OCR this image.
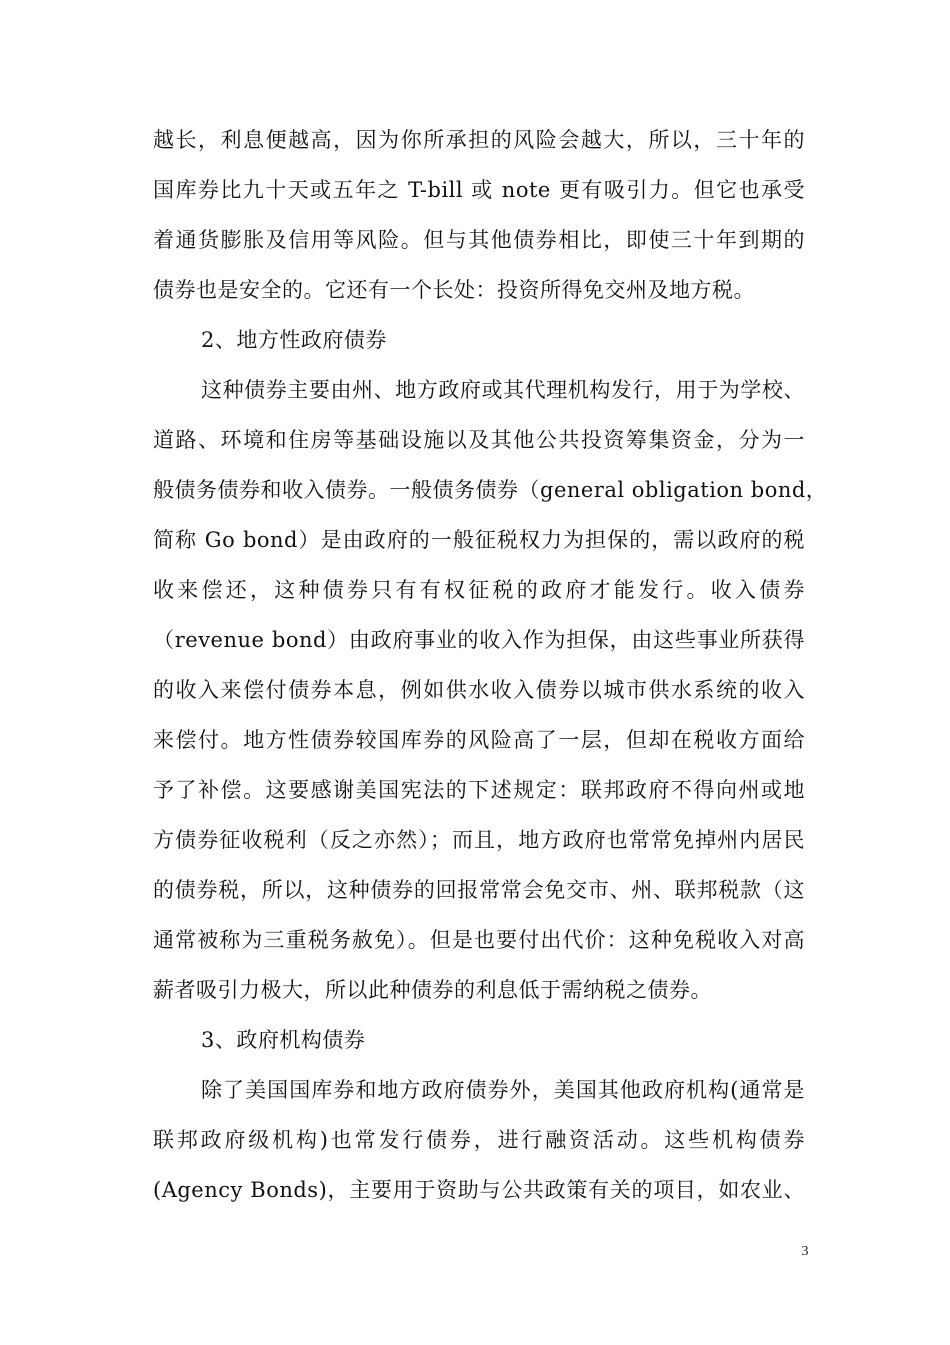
越长，利息便越高，因为你所承担的风险会越大，所以，三十年的
国库券比九十天或五年之 T-bill 或 note 更有吸引力。但它也承受
着通货膨胀及信用等风险。但与其他债券相比，即使三十年到期的
债券也是安全的。它还有一个长处：投资所得免交州及地方税。
2、地方性政府债券
这种债券主要由州、地方政府或其代理机构发行，用于为学校、
道路、环境和住房等基础设施以及其他公共投资筹集资金，分为一
般债务债券和收入债券。一般债务债券（general obligation bond，
简称 Go bond）是由政府的一般征税权力为担保的，需以政府的税
收来偿还，这种债券只有有权征税的政府才能发行。收入债券
（revenue bond）由政府事业的收入作为担保，由这些事业所获得
的收入来偿付债券本息，例如供水收入债券以城市供水系统的收入
来偿付。地方性债券较国库券的风险高了一层，但却在税收方面给
予了补偿。这要感谢美国宪法的下述规定：联邦政府不得向州或地
方债券征收税利（反之亦然）；而且，地方政府也常常免掉州内居民
的债券税，所以，这种债券的回报常常会免交市、州、联邦税款（这
通常被称为三重税务赦免）。但是也要付出代价：这种免税收入对高
薪者吸引力极大，所以此种债券的利息低于需纳税之债券。
3、政府机构债券
除了美国国库券和地方政府债券外，美国其他政府机构(通常是
联邦政府级机构)也常发行债券，进行融资活动。这些机构债券
(Agency Bonds)，主要用于资助与公共政策有关的项目，如农业、
3
